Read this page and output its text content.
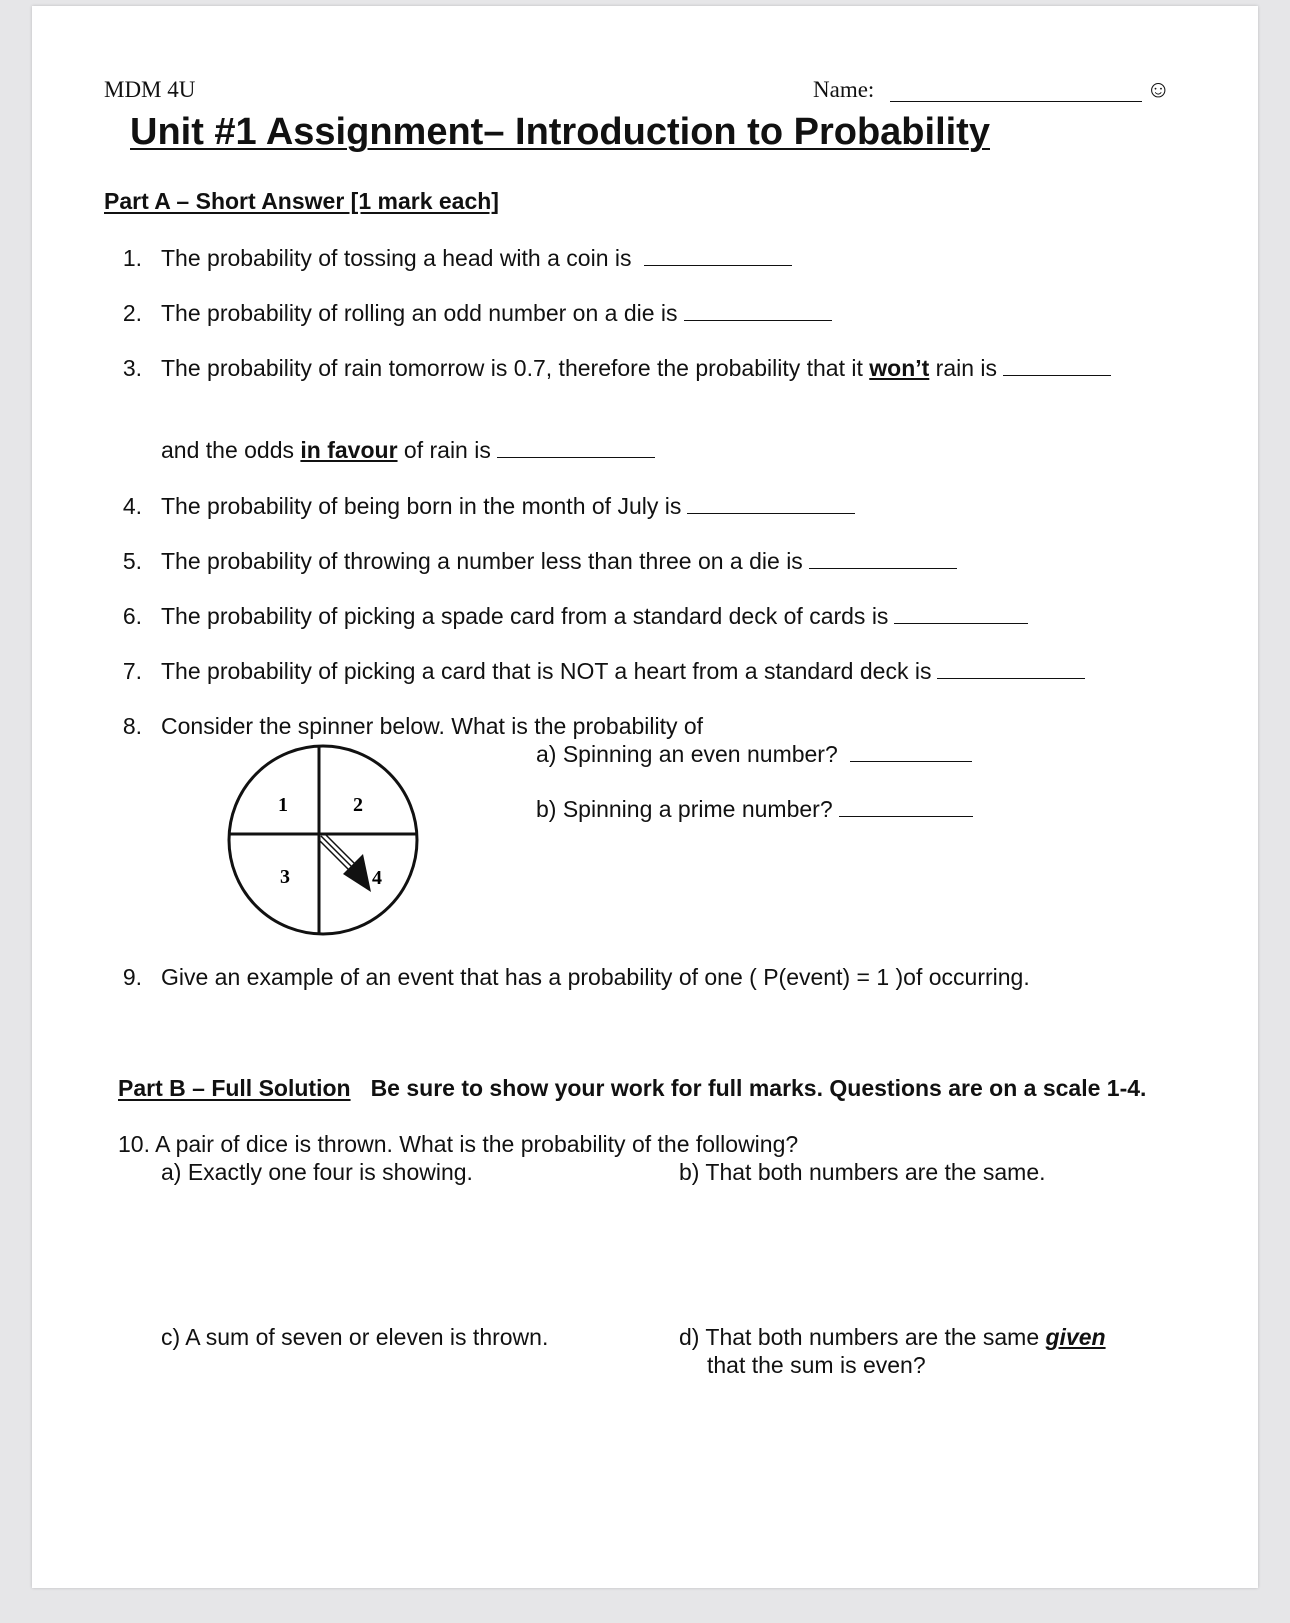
MDM 4U	Name:	☺
Unit #1 Assignment– Introduction to Probability
Part A – Short Answer [1 mark each]
1. The probability of tossing a head with a coin is
2. The probability of rolling an odd number on a die is
3. The probability of rain tomorrow is 0.7, therefore the probability that it won’t rain is
and the odds in favour of rain is
4. The probability of being born in the month of July is
5. The probability of throwing a number less than three on a die is
6. The probability of picking a spade card from a standard deck of cards is
7. The probability of picking a card that is NOT a heart from a standard deck is
8. Consider the spinner below. What is the probability of
a) Spinning an even number?
b) Spinning a prime number?
1	2
3	4
9. Give an example of an event that has a probability of one ( P(event) = 1 )of occurring.
Part B – Full Solution Be sure to show your work for full marks. Questions are on a scale 1-4.
10. A pair of dice is thrown. What is the probability of the following?
a) Exactly one four is showing.	b) That both numbers are the same.
c) A sum of seven or eleven is thrown.	d) That both numbers are the same given
that the sum is even?
